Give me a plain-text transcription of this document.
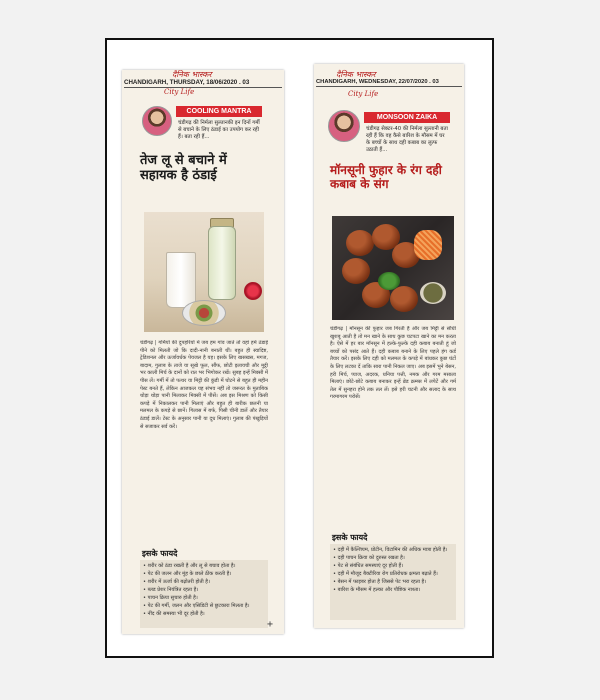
दैनिक भास्कर
CHANDIGARH, THURSDAY, 18/06/2020 . 03
City Life
COOLING MANTRA
चंडीगढ़ की निर्मला सुल्तानकी इन दिनों गर्मी से बचाने के लिए ठंडाई का उपयोग कर रही हैं। बता रही हैं...
तेज लू से बचाने में सहायक है ठंडाई
चंडीगढ़ | गर्मियों की दुपहरियों में जब हम गांव जाते तो वहां हमें ठंडाई पीने को मिलती जो कि दादी-नानी बनाती थीं। बहुत ही स्वादिष्ट, ट्रेडिशनल और ऊर्जावर्धक पेयजल है यह। इसके लिए खसखस, मगज, बादाम, गुलाब के ताजे या सूखे फूल, सौंफ, छोटी इलायची और मुट्ठी भर काली मिर्च के दानों को रात भर भिगोकर रखें। सुबह इन्हें मिक्सी में पीस लें। गर्मी में तो पत्थर या मिट्टी की कुंडी में घोटने से बहुत ही महीन पेस्ट बनते हैं, लेकिन आजकल यह संभव नहीं तो जरूरत के मुताबिक थोड़ा थोड़ा पानी मिलाकर मिक्सी में पीसें। अब इस मिश्रण को किसी कपड़े में निकालकर पानी मिलाएं और बहुत ही बारीक छलनी या मलमल के कपड़े से छानें। गिलास में बर्फ, पिसी चीनी डालें और तैयार ठंडाई डालें। टेस्ट के अनुसार पानी या दूध मिलाएं। गुलाब की पंखुड़ियों से सजाकर सर्व करें।
इसके फायदे
• शरीर को ठंडा रखती है और लू से बचाव होता है।
• पेट की जलन और मुंह के छाले ठीक करती है।
• शरीर में ऊर्जा की बढ़ोतरी होती है।
• ब्लड प्रेशर नियंत्रित रहता है।
• पाचन क्रिया सुचारु होती है।
• पेट की गर्मी, जलन और एसिडिटी से छुटकारा मिलता है।
• नींद की समस्या भी दूर होती है।
दैनिक भास्कर
CHANDIGARH, WEDNESDAY, 22/07/2020 . 03
City Life
MONSOON ZAIKA
चंडीगढ़ सेक्टर-40 की निर्मला सुल्तानी बता रही हैं कि वह कैसे बारिश के मौसम में घर के बच्चों के साथ दही कबाब का लुत्फ उठाती हैं...
मॉनसूनी फुहार के रंग दही कबाब के संग
चंडीगढ़ | मॉनसून की फुहार जब गिरती है और जब मिट्टी से सौंधी खुशबू आती है तो मन खाने के साथ कुछ चटपटा खाने का मन करता है। ऐसे में हर बार मॉनसून में हल्के-फुल्के दही कबाब बनाती हूं जो बच्चों को पसंद आते हैं। दही कबाब बनाने के लिए पहले हंग कर्ड तैयार करें। इसके लिए दही को मलमल के कपड़े में बांधकर कुछ घंटों के लिए लटका दें ताकि सारा पानी निकल जाए। अब इसमें भुने बेसन, हरी मिर्च, प्याज, अदरक, धनिया पत्ती, नमक और गरम मसाला मिलाएं। छोटे-छोटे कबाब बनाकर इन्हें ब्रेड क्रम्ब्स में लपेटें और गर्म तेल में सुनहरा होने तक तल लें। इसे हरी चटनी और सलाद के साथ गरमागरम परोसें।
इसके फायदे
• दही में कैल्शियम, प्रोटीन, विटामिन की अधिक मात्रा होती है।
• दही पाचन क्रिया को दुरुस्त रखता है।
• पेट से संबंधित समस्याएं दूर होती हैं।
• दही में मौजूद बैक्टीरिया रोग प्रतिरोधक क्षमता बढ़ाते हैं।
• बेसन में फाइबर होता है जिससे पेट भरा रहता है।
• बारिश के मौसम में हल्का और पौष्टिक नाश्ता।
+
